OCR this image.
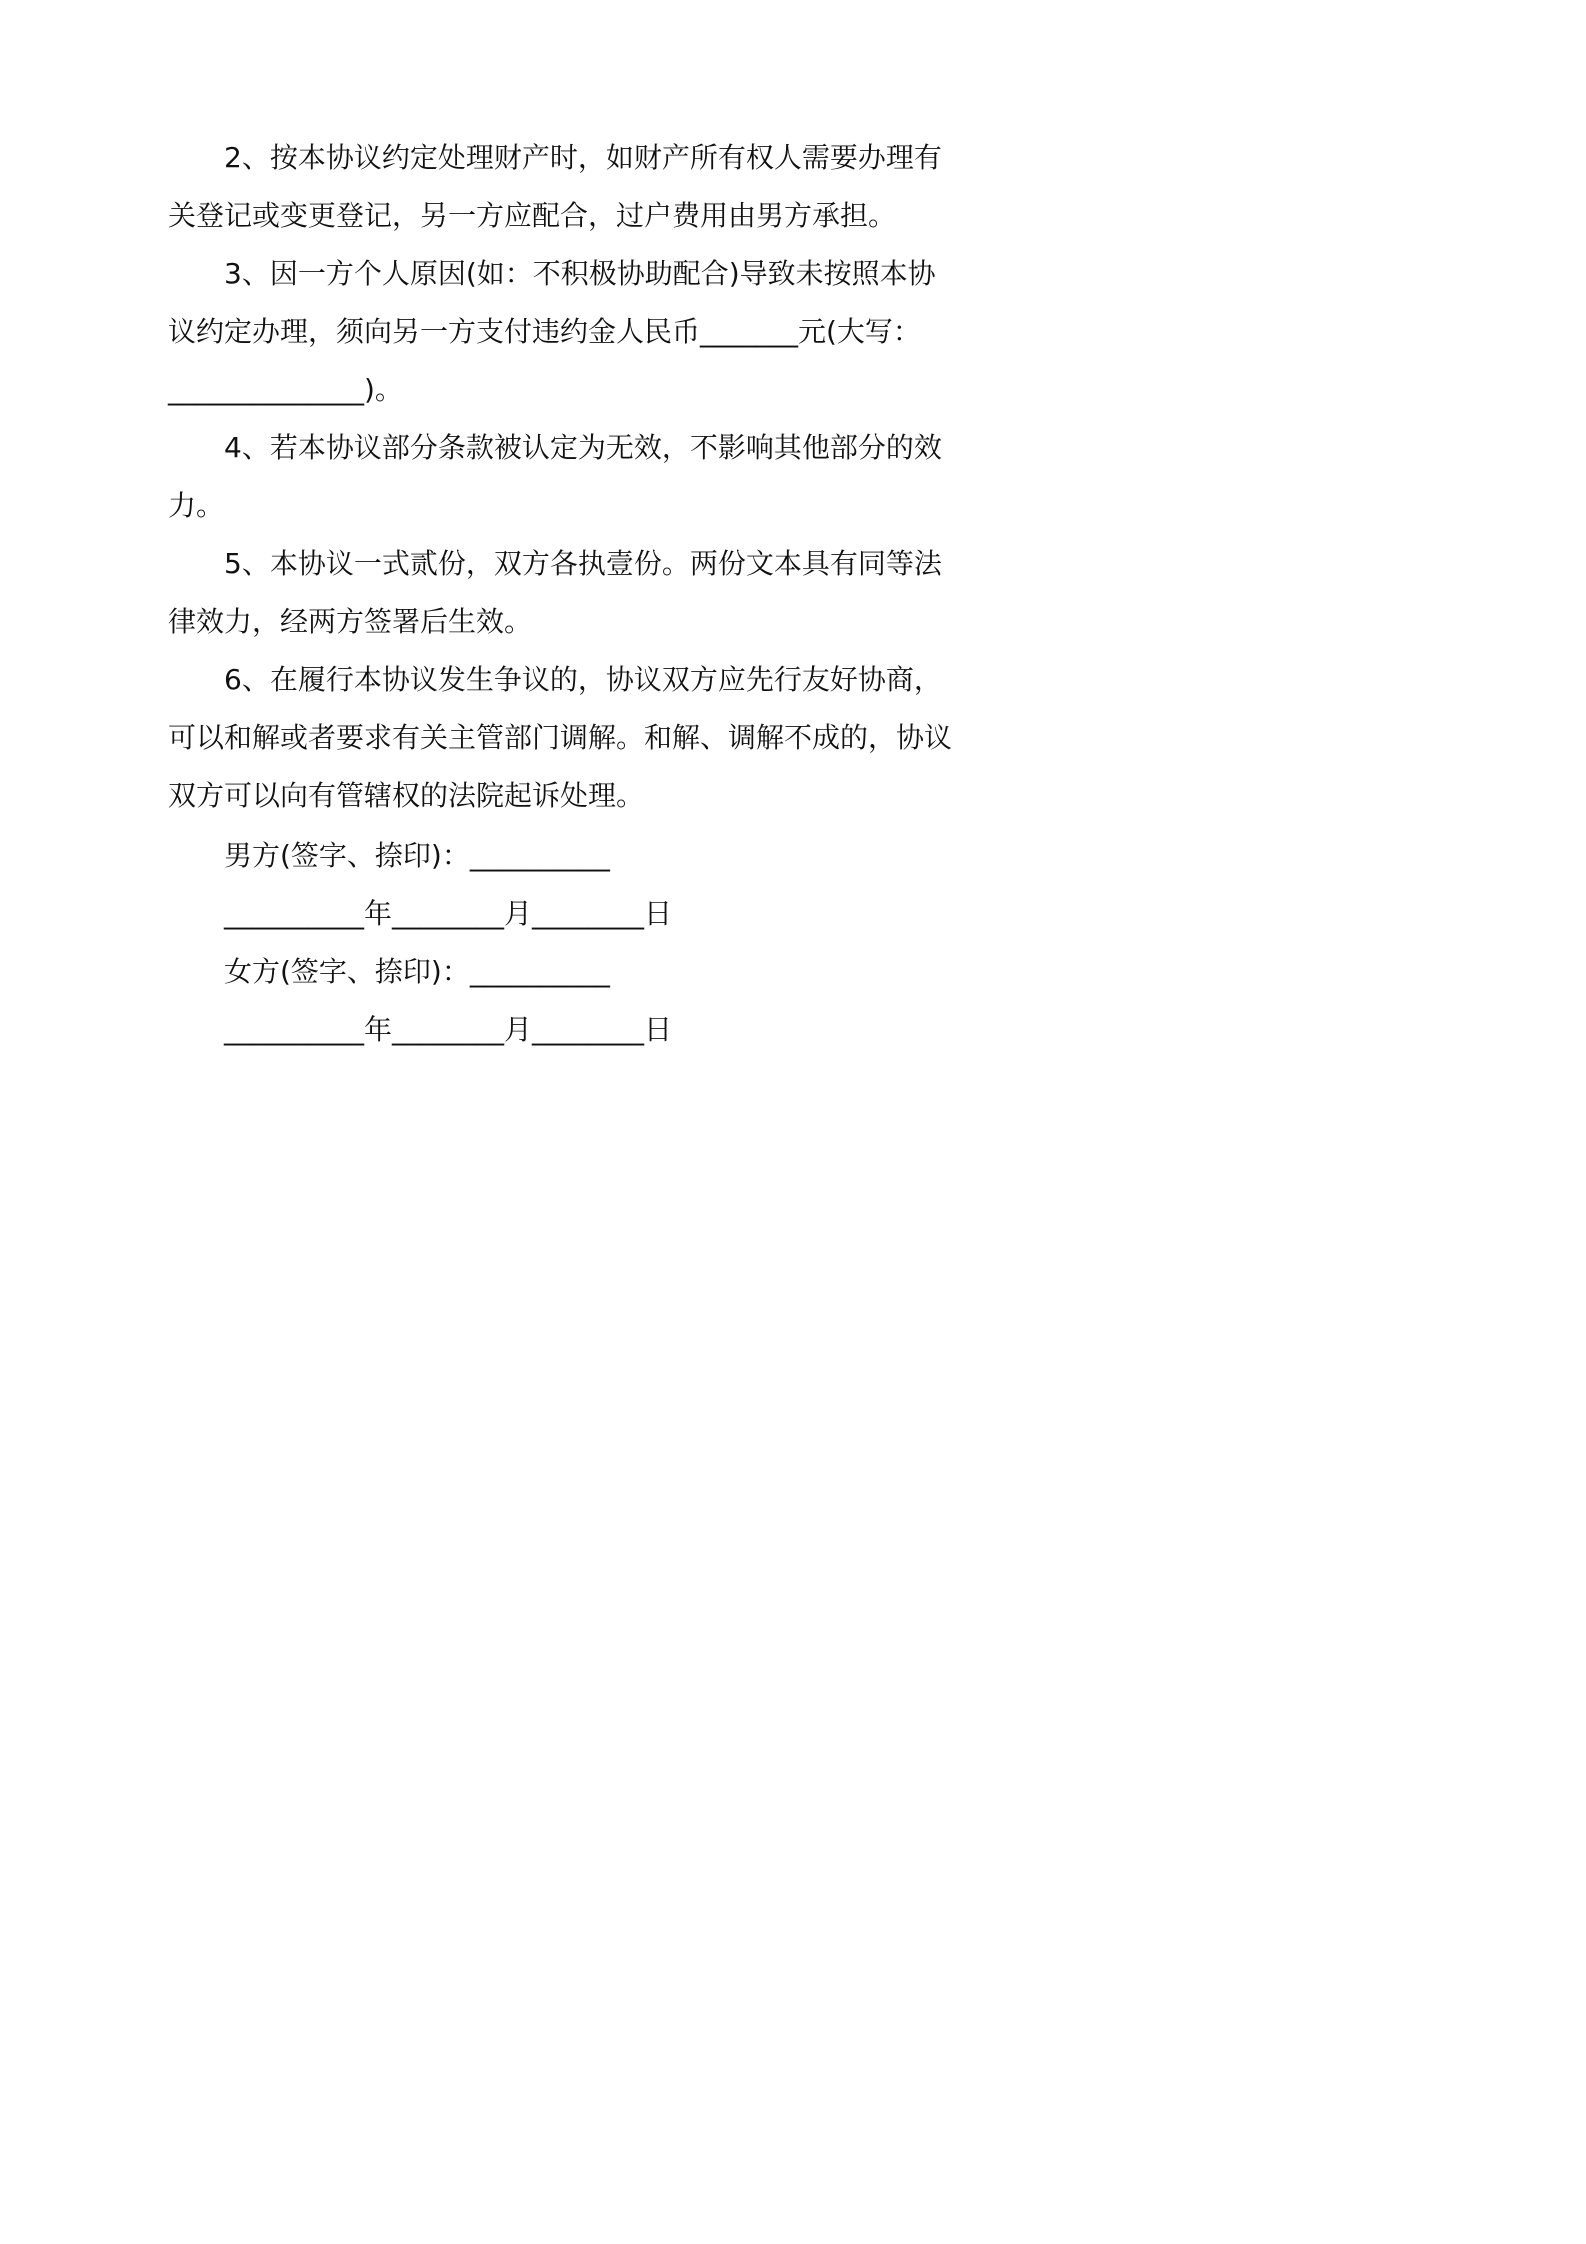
2、按本协议约定处理财产时，如财产所有权人需要办理有
关登记或变更登记，另一方应配合，过户费用由男方承担。
3、因一方个人原因(如：不积极协助配合)导致未按照本协
议约定办理，须向另一方支付违约金人民币_______元(大写：
______________)。
4、若本协议部分条款被认定为无效，不影响其他部分的效
力。
5、本协议一式贰份，双方各执壹份。两份文本具有同等法
律效力，经两方签署后生效。
6、在履行本协议发生争议的，协议双方应先行友好协商，
可以和解或者要求有关主管部门调解。和解、调解不成的，协议
双方可以向有管辖权的法院起诉处理。
男方(签字、捺印)：__________
__________年________月________日
女方(签字、捺印)：__________
__________年________月________日
